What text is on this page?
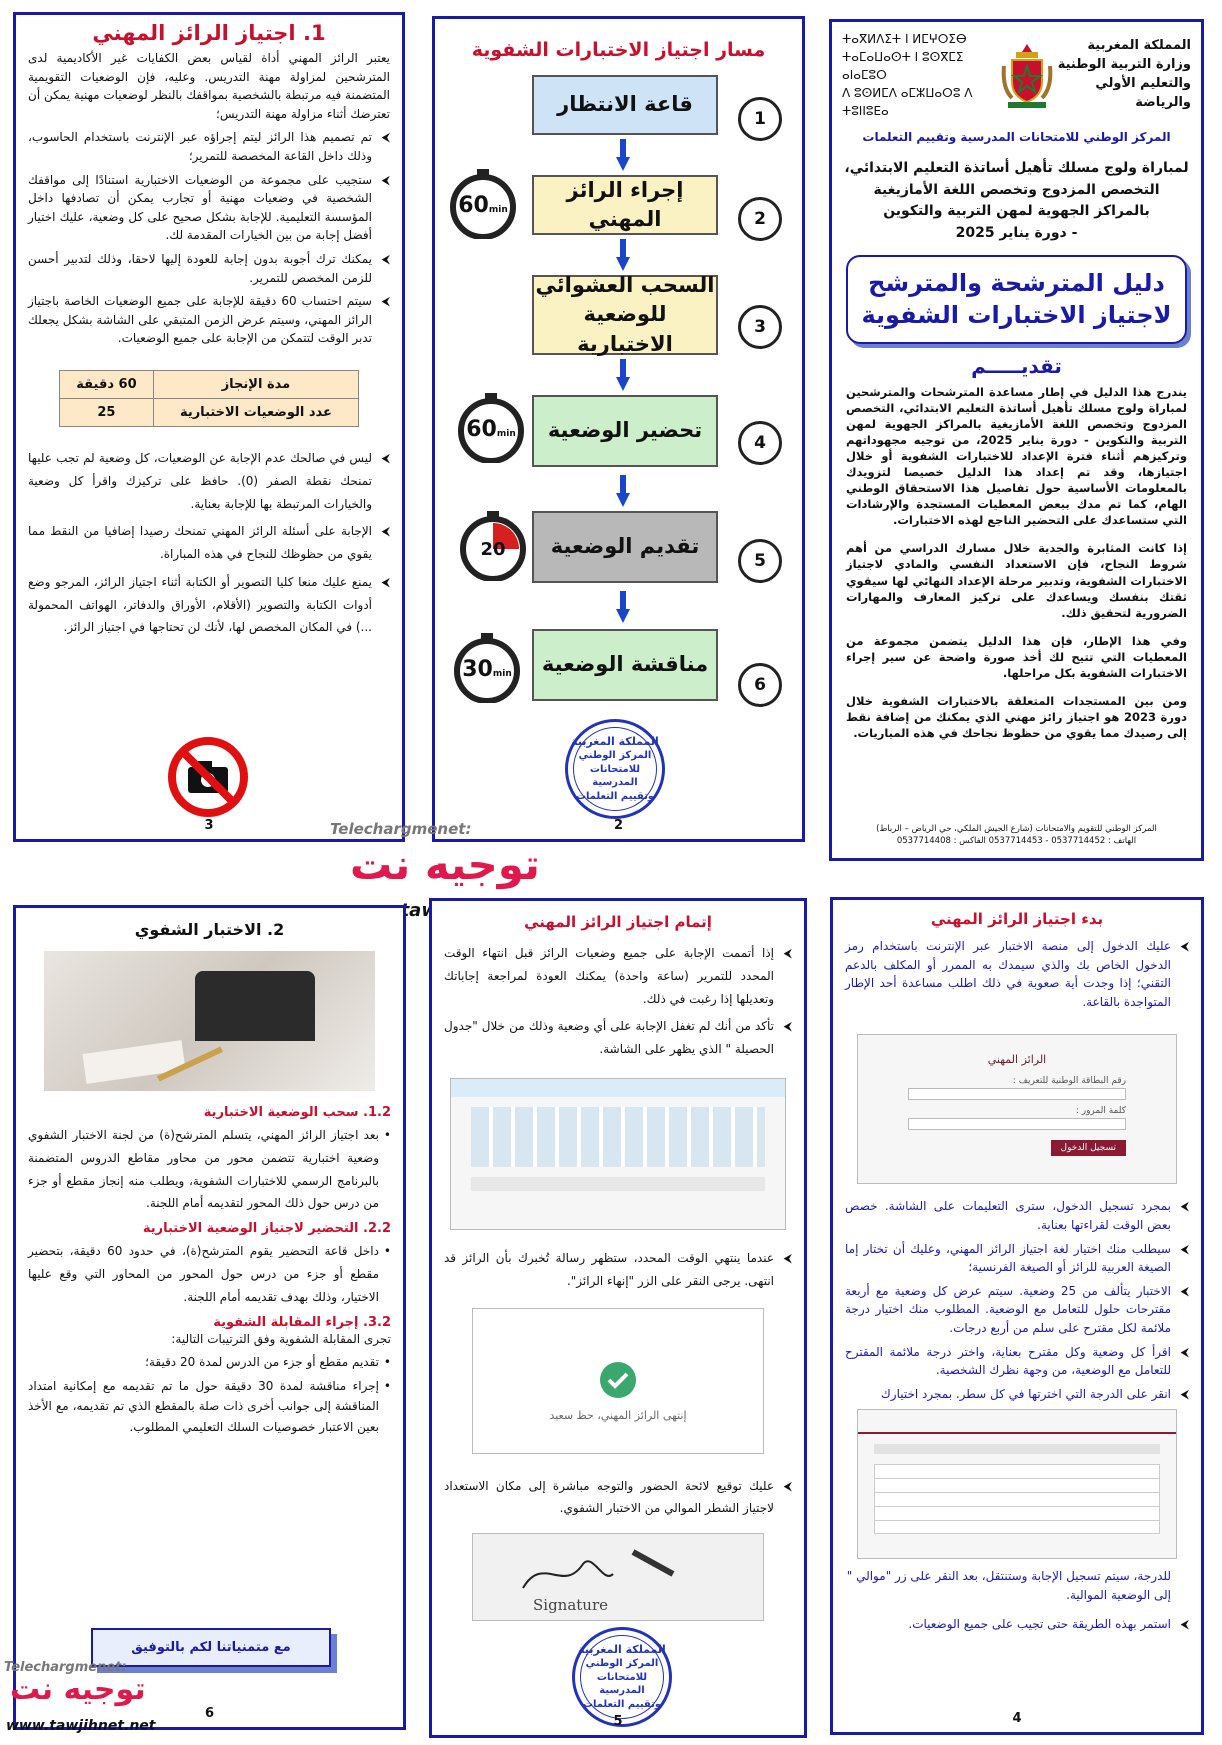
المملكة المغربية
وزارة التربية الوطنية
والتعليم الأولي والرياضة
ⵜⴰⴳⵍⴷⵉⵜ ⵏ ⵍⵎⵖⵔⵉⴱ
ⵜⴰⵎⴰⵡⴰⵙⵜ ⵏ ⵓⵙⴳⵎⵉ ⴰⵏⴰⵎⵓⵔ
ⴷ ⵓⵙⵍⵎⴷ ⴰⵎⵣⵡⴰⵔⵓ ⴷ ⵜⵓⵏⵏⵓⴹⴰ
المركز الوطني للامتحانات المدرسية وتقييم التعلمات
لمباراة ولوج مسلك تأهيل أساتذة التعليم الابتدائي،
التخصص المزدوج وتخصص اللغة الأمازيغية
بالمراكز الجهوية لمهن التربية والتكوين
- دورة يناير 2025
دليل المترشحة والمترشح لاجتياز الاختبارات الشفوية
تقديـــــم

يندرج هذا الدليل في إطار مساعدة المترشحات والمترشحين لمباراة ولوج مسلك تأهيل أساتذة التعليم الابتدائي، التخصص المزدوج وتخصص اللغة الأمازيغية بالمراكز الجهوية لمهن التربية والتكوين - دورة يناير 2025، من توجيه مجهوداتهم وتركيزهم أثناء فترة الإعداد للاختبارات الشفوية أو خلال اجتيازها، وقد تم إعداد هذا الدليل خصيصا لتزويدك بالمعلومات الأساسية حول تفاصيل هذا الاستحقاق الوطني الهام، كما تم مدك ببعض المعطيات المستجدة والإرشادات التي ستساعدك على التحضير الناجع لهذه الاختبارات.

إذا كانت المثابرة والجدية خلال مسارك الدراسي من أهم شروط النجاح، فإن الاستعداد النفسي والمادي لاجتياز الاختبارات الشفوية، وتدبير مرحلة الإعداد النهائي لها سيقوي ثقتك بنفسك ويساعدك على تركيز المعارف والمهارات الضرورية لتحقيق ذلك.

وفي هذا الإطار، فإن هذا الدليل يتضمن مجموعة من المعطيات التي تتيح لك أخذ صورة واضحة عن سير إجراء الاختبارات الشفوية بكل مراحلها.

ومن بين المستجدات المتعلقة بالاختبارات الشفوية خلال دورة 2023 هو اجتياز رائز مهني الذي يمكنك من إضافة نقط إلى رصيدك مما يقوي من حظوظ نجاحك في هذه المباريات.

المركز الوطني للتقويم والامتحانات (شارع الجيش الملكي، حي الرياض – الرباط)
الهاتف : 0537714452 - 0537714453 الفاكس : 0537714408
مسار اجتياز الاختبارات الشفوية
قاعة الانتظار
1
إجراء الرائز المهني	2
60min
السحب العشوائي للوضعية الاختبارية
3
تحضير الوضعية
4
60min
تقديم الوضعية
5
20
مناقشة الوضعية
6
30min
المملكة المغربية
المركز الوطني
للامتحانات المدرسية
وتقييم التعلمات
2
1. اجتياز الرائز المهني

يعتبر الرائز المهني أداة لقياس بعض الكفايات غير الأكاديمية لدى المترشحين لمزاولة مهنة التدريس. وعليه، فإن الوضعيات التقويمية المتضمنة فيه مرتبطة بالشخصية بمواقفك بالنظر لوضعيات مهنية يمكن أن تعترضك أثناء مزاولة مهنة التدريس؛

⮜ تم تصميم هذا الرائز ليتم إجراؤه عبر الإنترنت باستخدام الحاسوب، وذلك داخل القاعة المخصصة للتمرير؛
⮜ ستجيب على مجموعة من الوضعيات الاختبارية استنادًا إلى مواقفك الشخصية في وضعيات مهنية أو تجارب يمكن أن تصادفها داخل المؤسسة التعليمية. للإجابة بشكل صحيح على كل وضعية، عليك اختيار أفضل إجابة من بين الخيارات المقدمة لك.
⮜ يمكنك ترك أجوبة بدون إجابة للعودة إليها لاحقا، وذلك لتدبير أحسن للزمن المخصص للتمرير.
⮜ سيتم احتساب 60 دقيقة للإجابة على جميع الوضعيات الخاصة باجتياز الرائز المهني، وسيتم عرض الزمن المتبقي على الشاشة بشكل يجعلك تدبر الوقت لتتمكن من الإجابة على جميع الوضعيات.
مدة الإنجاز	60 دقيقة
عدد الوضعيات الاختبارية	25
⮜ ليس في صالحك عدم الإجابة عن الوضعيات، كل وضعية لم تجب عليها تمنحك نقطة الصفر (0). حافظ على تركيزك واقرأ كل وضعية والخيارات المرتبطة بها للإجابة بعناية.
⮜ الإجابة على أسئلة الرائز المهني تمنحك رصيدا إضافيا من النقط مما يقوي من حظوظك للنجاح في هذه المباراة.
⮜ يمنع عليك منعا كليا التصوير أو الكتابة أثناء اجتياز الرائز، المرجو وضع أدوات الكتابة والتصوير (الأقلام، الأوراق والدفاتر، الهواتف المحمولة ...) في المكان المخصص لها، لأنك لن تحتاجها في اجتياز الرائز.
3	Telechargmenet:
توجيه نت
بدء اجتياز الرائز المهني
⮜ عليك الدخول إلى منصة الاختبار عبر الإنترنت باستخدام رمز الدخول الخاص بك والذي سيمدك به الممرر أو المكلف بالدعم التقني؛ إذا وجدت أية صعوبة في ذلك اطلب مساعدة أحد الإطار المتواجدة بالقاعة.
الرائز المهني
رقم البطاقة الوطنية للتعريف :
كلمة المرور :
تسجيل الدخول
⮜ بمجرد تسجيل الدخول، سترى التعليمات على الشاشة. خصص بعض الوقت لقراءتها بعناية.
⮜ سيطلب منك اختيار لغة اجتياز الرائز المهني، وعليك أن تختار إما الصيغة العربية للرائز أو الصيغة الفرنسية؛
⮜ الاختبار يتألف من 25 وضعية. سيتم عرض كل وضعية مع أربعة مقترحات حلول للتعامل مع الوضعية. المطلوب منك اختيار درجة ملائمة لكل مقترح على سلم من أربع درجات.
⮜ اقرأ كل وضعية وكل مقترح بعناية، واختر درجة ملائمة المقترح للتعامل مع الوضعية، من وجهة نظرك الشخصية.
⮜ انقر على الدرجة التي اخترتها في كل سطر. بمجرد اختيارك

للدرجة، سيتم تسجيل الإجابة وستنتقل، بعد النقر على زر "موالي " إلى الوضعية الموالية.

⮜ استمر بهذه الطريقة حتى تجيب على جميع الوضعيات.
4
إتمام اجتياز الرائز المهني
⮜ إذا أتممت الإجابة على جميع وضعيات الرائز قبل انتهاء الوقت المحدد للتمرير (ساعة واحدة) يمكنك العودة لمراجعة إجاباتك وتعديلها إذا رغبت في ذلك.
⮜ تأكد من أنك لم تغفل الإجابة على أي وضعية وذلك من خلال "جدول الحصيلة " الذي يظهر على الشاشة.
⮜ عندما ينتهي الوقت المحدد، ستظهر رسالة تُخبرك بأن الرائز قد انتهى. يرجى النقر على الزر "إنهاء الرائز".
إنتهى الرائز المهني، حظ سعيد
⮜ عليك توقيع لائحة الحضور والتوجه مباشرة إلى مكان الاستعداد لاجتياز الشطر الموالي من الاختبار الشفوي.
Signature
المملكة المغربية
المركز الوطني
للامتحانات المدرسية
وتقييم التعلمات
5
2. الاختبار الشفوي
1.2. سحب الوضعية الاختبارية
• بعد اجتياز الرائز المهني، يتسلم المترشح(ة) من لجنة الاختبار الشفوي وضعية اختبارية تتضمن محور من محاور مقاطع الدروس المتضمنة بالبرنامج الرسمي للاختبارات الشفوية، ويطلب منه إنجاز مقطع أو جزء من درس حول ذلك المحور لتقديمه أمام اللجنة.
2.2. التحضير لاجتياز الوضعية الاختبارية
• داخل قاعة التحضير يقوم المترشح(ة)، في حدود 60 دقيقة، بتحضير مقطع أو جزء من درس حول المحور من المحاور التي وقع عليها الاختيار، وذلك بهدف تقديمه أمام اللجنة.
3.2. إجراء المقابلة الشفوية

تجرى المقابلة الشفوية وفق الترتيبات التالية:

• تقديم مقطع أو جزء من الدرس لمدة 20 دقيقة؛
• إجراء مناقشة لمدة 30 دقيقة حول ما تم تقديمه مع إمكانية امتداد المناقشة إلى جوانب أخرى ذات صلة بالمقطع الذي تم تقديمه، مع الأخذ بعين الاعتبار خصوصيات السلك التعليمي المطلوب.
مع متمنياتنا لكم بالتوفيق
6
Telechargmenet:
توجيه نت
www.tawjihnet.net
